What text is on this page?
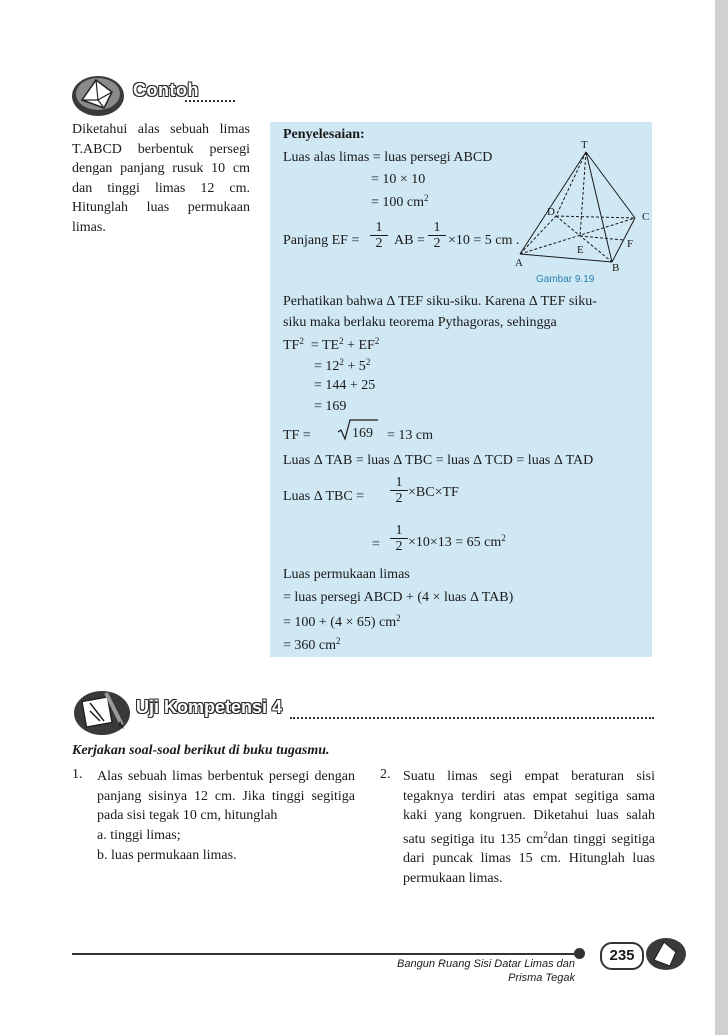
Contoh
Diketahui alas sebuah limas T.ABCD berbentuk persegi dengan panjang rusuk 10 cm dan tinggi limas 12 cm. Hitunglah luas permukaan limas.
Penyelesaian:
Luas alas limas = luas persegi ABCD
= 10 × 10
= 100 $cm^2$
Panjang EF =
1
2 AB =
1
2 ×10 = 5 cm .
T
D	C
E	F
A	B
Gambar 9.19
Perhatikan bahwa Δ TEF siku-siku. Karena Δ TEF siku-
siku maka berlaku teorema Pythagoras, sehingga
$TF^2 = TE^2 + EF^2$
= $12^2 + 5^2$
= 144 + 25
= 169
TF =	169 = 13 cm
Luas Δ TAB = luas Δ TBC = luas Δ TCD = luas Δ TAD
Luas Δ TBC =
1
2 ×BC×TF
=
1
2 ×10×13 = 65 $cm^2$
Luas permukaan limas
= luas persegi ABCD + (4 × luas Δ TAB)
= 100 + (4 × 65) $cm^2$
= 360 $cm^2$
Uji Kompetensi 4
Kerjakan soal-soal berikut di buku tugasmu.
1. Alas sebuah limas berbentuk persegi dengan panjang sisinya 12 cm. Jika tinggi segitiga pada sisi tegak 10 cm, hitunglah
a. tinggi limas;
b. luas permukaan limas.
2. Suatu limas segi empat beraturan sisi tegaknya terdiri atas empat segitiga sama kaki yang kongruen. Diketahui luas salah satu segitiga itu 135 $cm^2dan$ tinggi segitiga dari puncak limas 15 cm. Hitunglah luas permukaan limas.
Bangun Ruang Sisi Datar Limas dan
Prisma Tegak
235
